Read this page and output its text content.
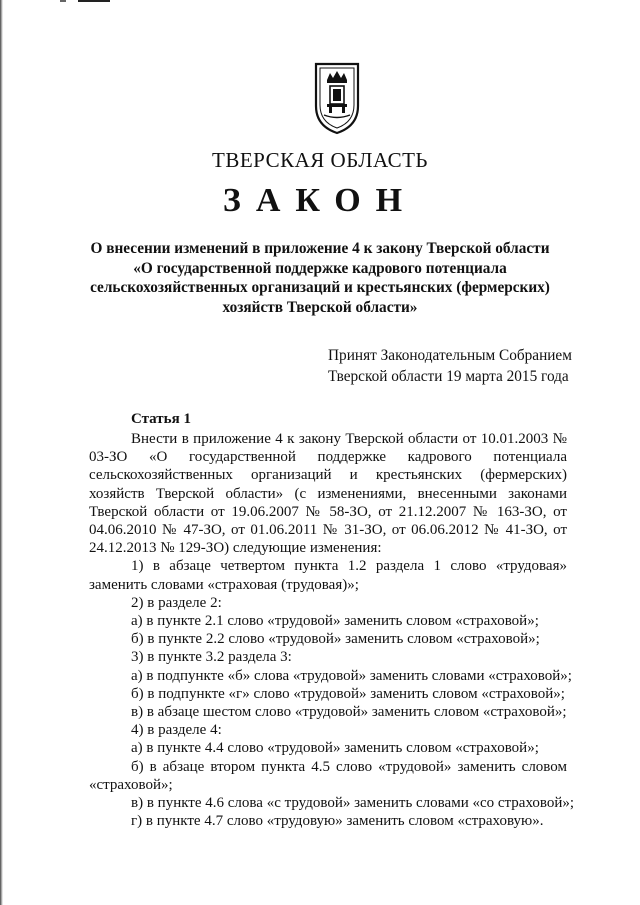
ТВЕРСКАЯ ОБЛАСТЬ
ЗАКОН
О внесении изменений в приложение 4 к закону Тверской области
«О государственной поддержке кадрового потенциала
сельскохозяйственных организаций и крестьянских (фермерских)
хозяйств Тверской области»
Принят Законодательным Собранием
Тверской области 19 марта 2015 года
Статья 1
Внести в приложение 4 к закону Тверской области от 10.01.2003 № 03-ЗО «О государственной поддержке кадрового потенциала сельскохозяйственных организаций и крестьянских (фермерских) хозяйств Тверской области» (с изменениями, внесенными законами Тверской области от 19.06.2007 № 58-ЗО, от 21.12.2007 № 163-ЗО, от 04.06.2010 № 47-ЗО, от 01.06.2011 № 31-ЗО, от 06.06.2012 № 41-ЗО, от 24.12.2013 № 129-ЗО) следующие изменения:
1) в абзаце четвертом пункта 1.2 раздела 1 слово «трудовая» заменить словами «страховая (трудовая)»;
2) в разделе 2:
а) в пункте 2.1 слово «трудовой» заменить словом «страховой»;
б) в пункте 2.2 слово «трудовой» заменить словом «страховой»;
3) в пункте 3.2 раздела 3:
а) в подпункте «б» слова «трудовой» заменить словами «страховой»;
б) в подпункте «г» слово «трудовой» заменить словом «страховой»;
в) в абзаце шестом слово «трудовой» заменить словом «страховой»;
4) в разделе 4:
а) в пункте 4.4 слово «трудовой» заменить словом «страховой»;
б) в абзаце втором пункта 4.5 слово «трудовой» заменить словом «страховой»;
в) в пункте 4.6 слова «с трудовой» заменить словами «со страховой»;
г) в пункте 4.7 слово «трудовую» заменить словом «страховую».
